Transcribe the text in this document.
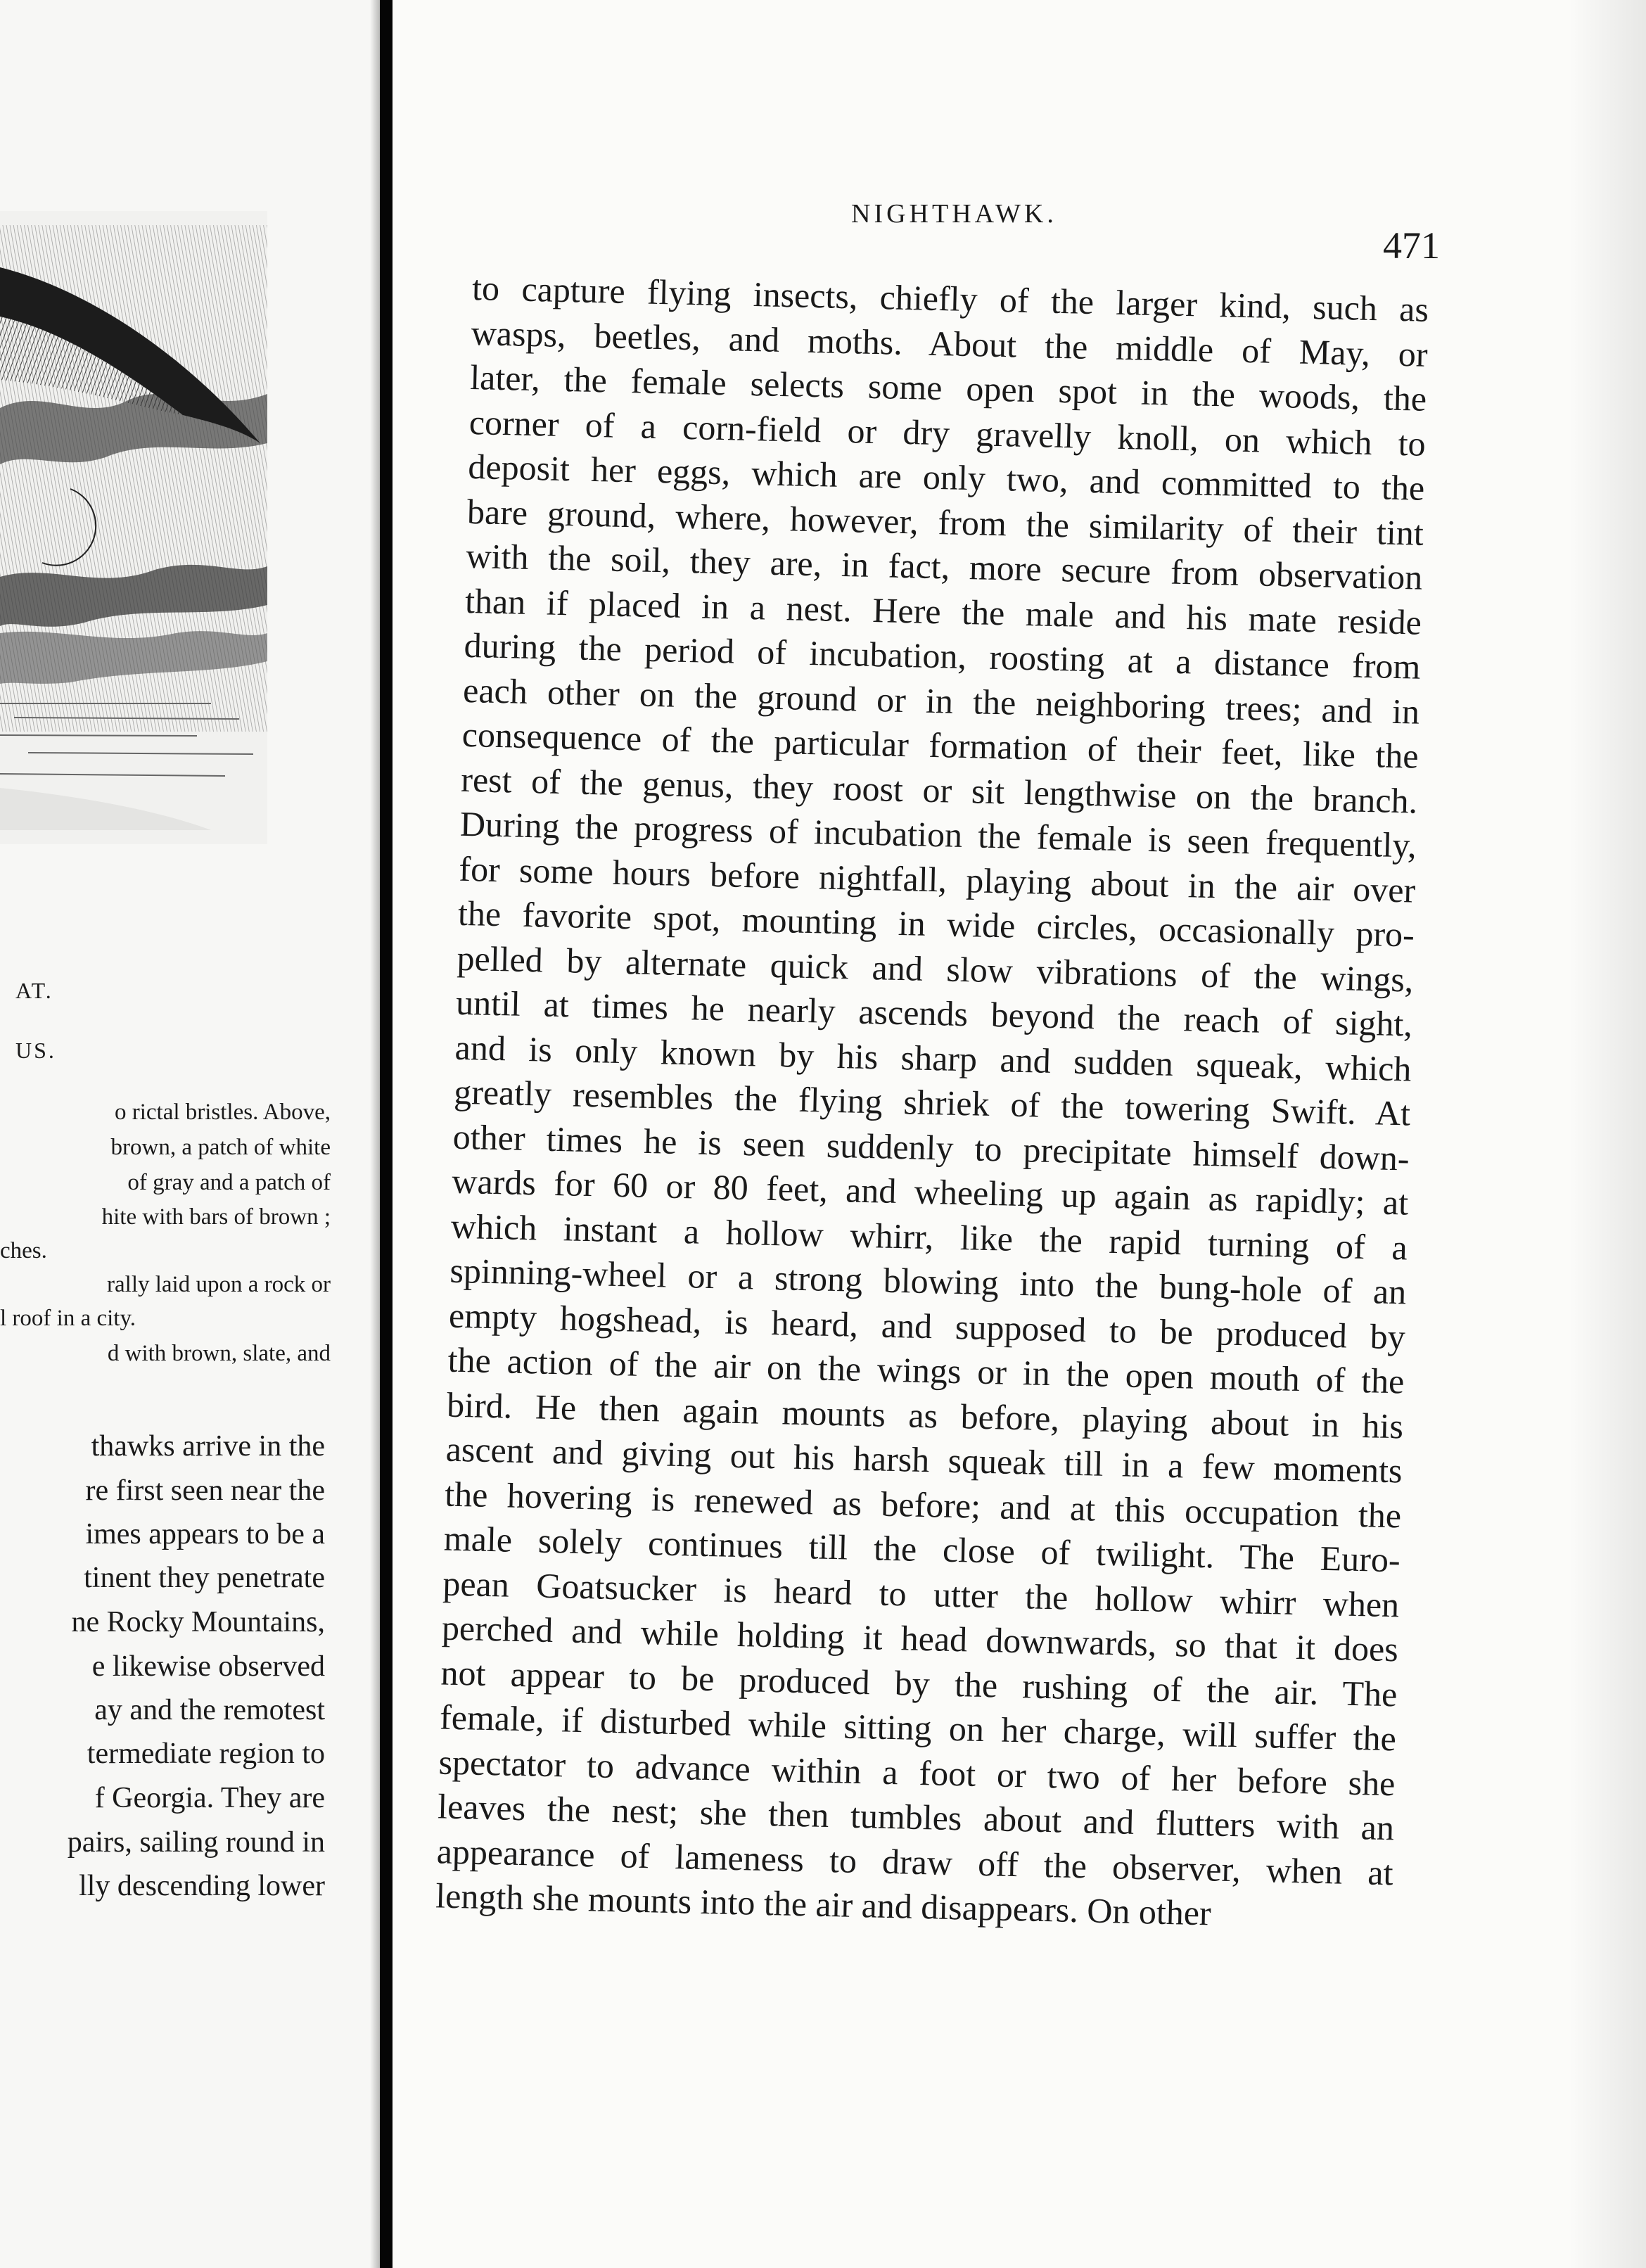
AT.
US.
o rictal bristles. Above,
brown, a patch of white
of gray and a patch of
hite with bars of brown ;
ches.
rally laid upon a rock or
l roof in a city.
d with brown, slate, and
thawks arrive in the
re first seen near the
imes appears to be a
tinent they penetrate
ne Rocky Mountains,
e likewise observed
ay and the remotest
termediate region to
f Georgia. They are
pairs, sailing round in
lly descending lower
NIGHTHAWK.
471
to capture flying insects, chiefly of the larger kind, such as
wasps, beetles, and moths. About the middle of May, or
later, the female selects some open spot in the woods, the
corner of a corn-field or dry gravelly knoll, on which to
deposit her eggs, which are only two, and committed to the
bare ground, where, however, from the similarity of their tint
with the soil, they are, in fact, more secure from observation
than if placed in a nest. Here the male and his mate reside
during the period of incubation, roosting at a distance from
each other on the ground or in the neighboring trees; and in
consequence of the particular formation of their feet, like the
rest of the genus, they roost or sit lengthwise on the branch.
During the progress of incubation the female is seen frequently,
for some hours before nightfall, playing about in the air over
the favorite spot, mounting in wide circles, occasionally pro-
pelled by alternate quick and slow vibrations of the wings,
until at times he nearly ascends beyond the reach of sight,
and is only known by his sharp and sudden squeak, which
greatly resembles the flying shriek of the towering Swift. At
other times he is seen suddenly to precipitate himself down-
wards for 60 or 80 feet, and wheeling up again as rapidly; at
which instant a hollow whirr, like the rapid turning of a
spinning-wheel or a strong blowing into the bung-hole of an
empty hogshead, is heard, and supposed to be produced by
the action of the air on the wings or in the open mouth of the
bird. He then again mounts as before, playing about in his
ascent and giving out his harsh squeak till in a few moments
the hovering is renewed as before; and at this occupation the
male solely continues till the close of twilight. The Euro-
pean Goatsucker is heard to utter the hollow whirr when
perched and while holding it head downwards, so that it does
not appear to be produced by the rushing of the air. The
female, if disturbed while sitting on her charge, will suffer the
spectator to advance within a foot or two of her before she
leaves the nest; she then tumbles about and flutters with an
appearance of lameness to draw off the observer, when at
length she mounts into the air and disappears. On other
